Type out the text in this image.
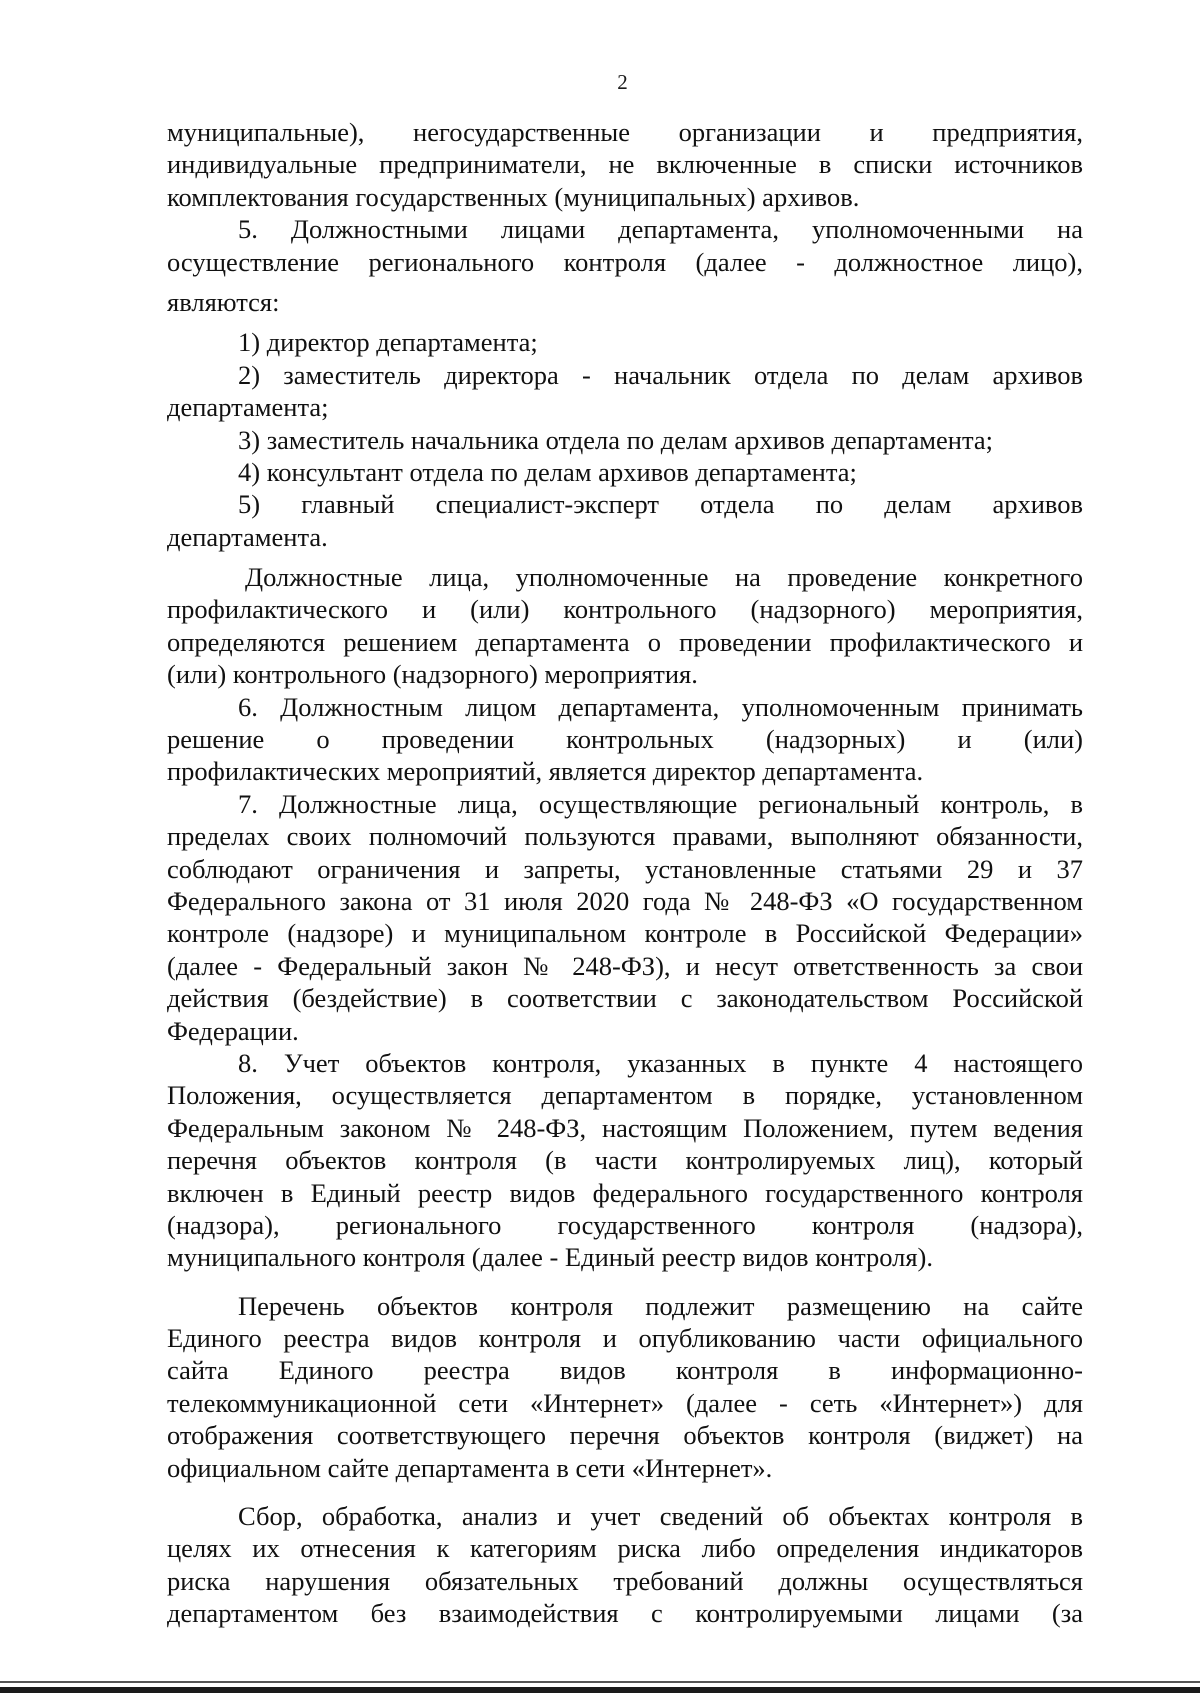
2
муниципальные), негосударственные организации и предприятия,
индивидуальные предприниматели, не включенные в списки источников
комплектования государственных (муниципальных) архивов.
5. Должностными лицами департамента, уполномоченными на
осуществление регионального контроля (далее - должностное лицо),
являются:
1) директор департамента;
2) заместитель директора - начальник отдела по делам архивов
департамента;
3) заместитель начальника отдела по делам архивов департамента;
4) консультант отдела по делам архивов департамента;
5) главный специалист-эксперт отдела по делам архивов
департамента.
Должностные лица, уполномоченные на проведение конкретного
профилактического и (или) контрольного (надзорного) мероприятия,
определяются решением департамента о проведении профилактического и
(или) контрольного (надзорного) мероприятия.
6. Должностным лицом департамента, уполномоченным принимать
решение о проведении контрольных (надзорных) и (или)
профилактических мероприятий, является директор департамента.
7. Должностные лица, осуществляющие региональный контроль, в
пределах своих полномочий пользуются правами, выполняют обязанности,
соблюдают ограничения и запреты, установленные статьями 29 и 37
Федерального закона от 31 июля 2020 года № 248-ФЗ «О государственном
контроле (надзоре) и муниципальном контроле в Российской Федерации»
(далее - Федеральный закон № 248-ФЗ), и несут ответственность за свои
действия (бездействие) в соответствии с законодательством Российской
Федерации.
8. Учет объектов контроля, указанных в пункте 4 настоящего
Положения, осуществляется департаментом в порядке, установленном
Федеральным законом № 248-ФЗ, настоящим Положением, путем ведения
перечня объектов контроля (в части контролируемых лиц), который
включен в Единый реестр видов федерального государственного контроля
(надзора), регионального государственного контроля (надзора),
муниципального контроля (далее - Единый реестр видов контроля).
Перечень объектов контроля подлежит размещению на сайте
Единого реестра видов контроля и опубликованию части официального
сайта Единого реестра видов контроля в информационно-
телекоммуникационной сети «Интернет» (далее - сеть «Интернет») для
отображения соответствующего перечня объектов контроля (виджет) на
официальном сайте департамента в сети «Интернет».
Сбор, обработка, анализ и учет сведений об объектах контроля в
целях их отнесения к категориям риска либо определения индикаторов
риска нарушения обязательных требований должны осуществляться
департаментом без взаимодействия с контролируемыми лицами (за
